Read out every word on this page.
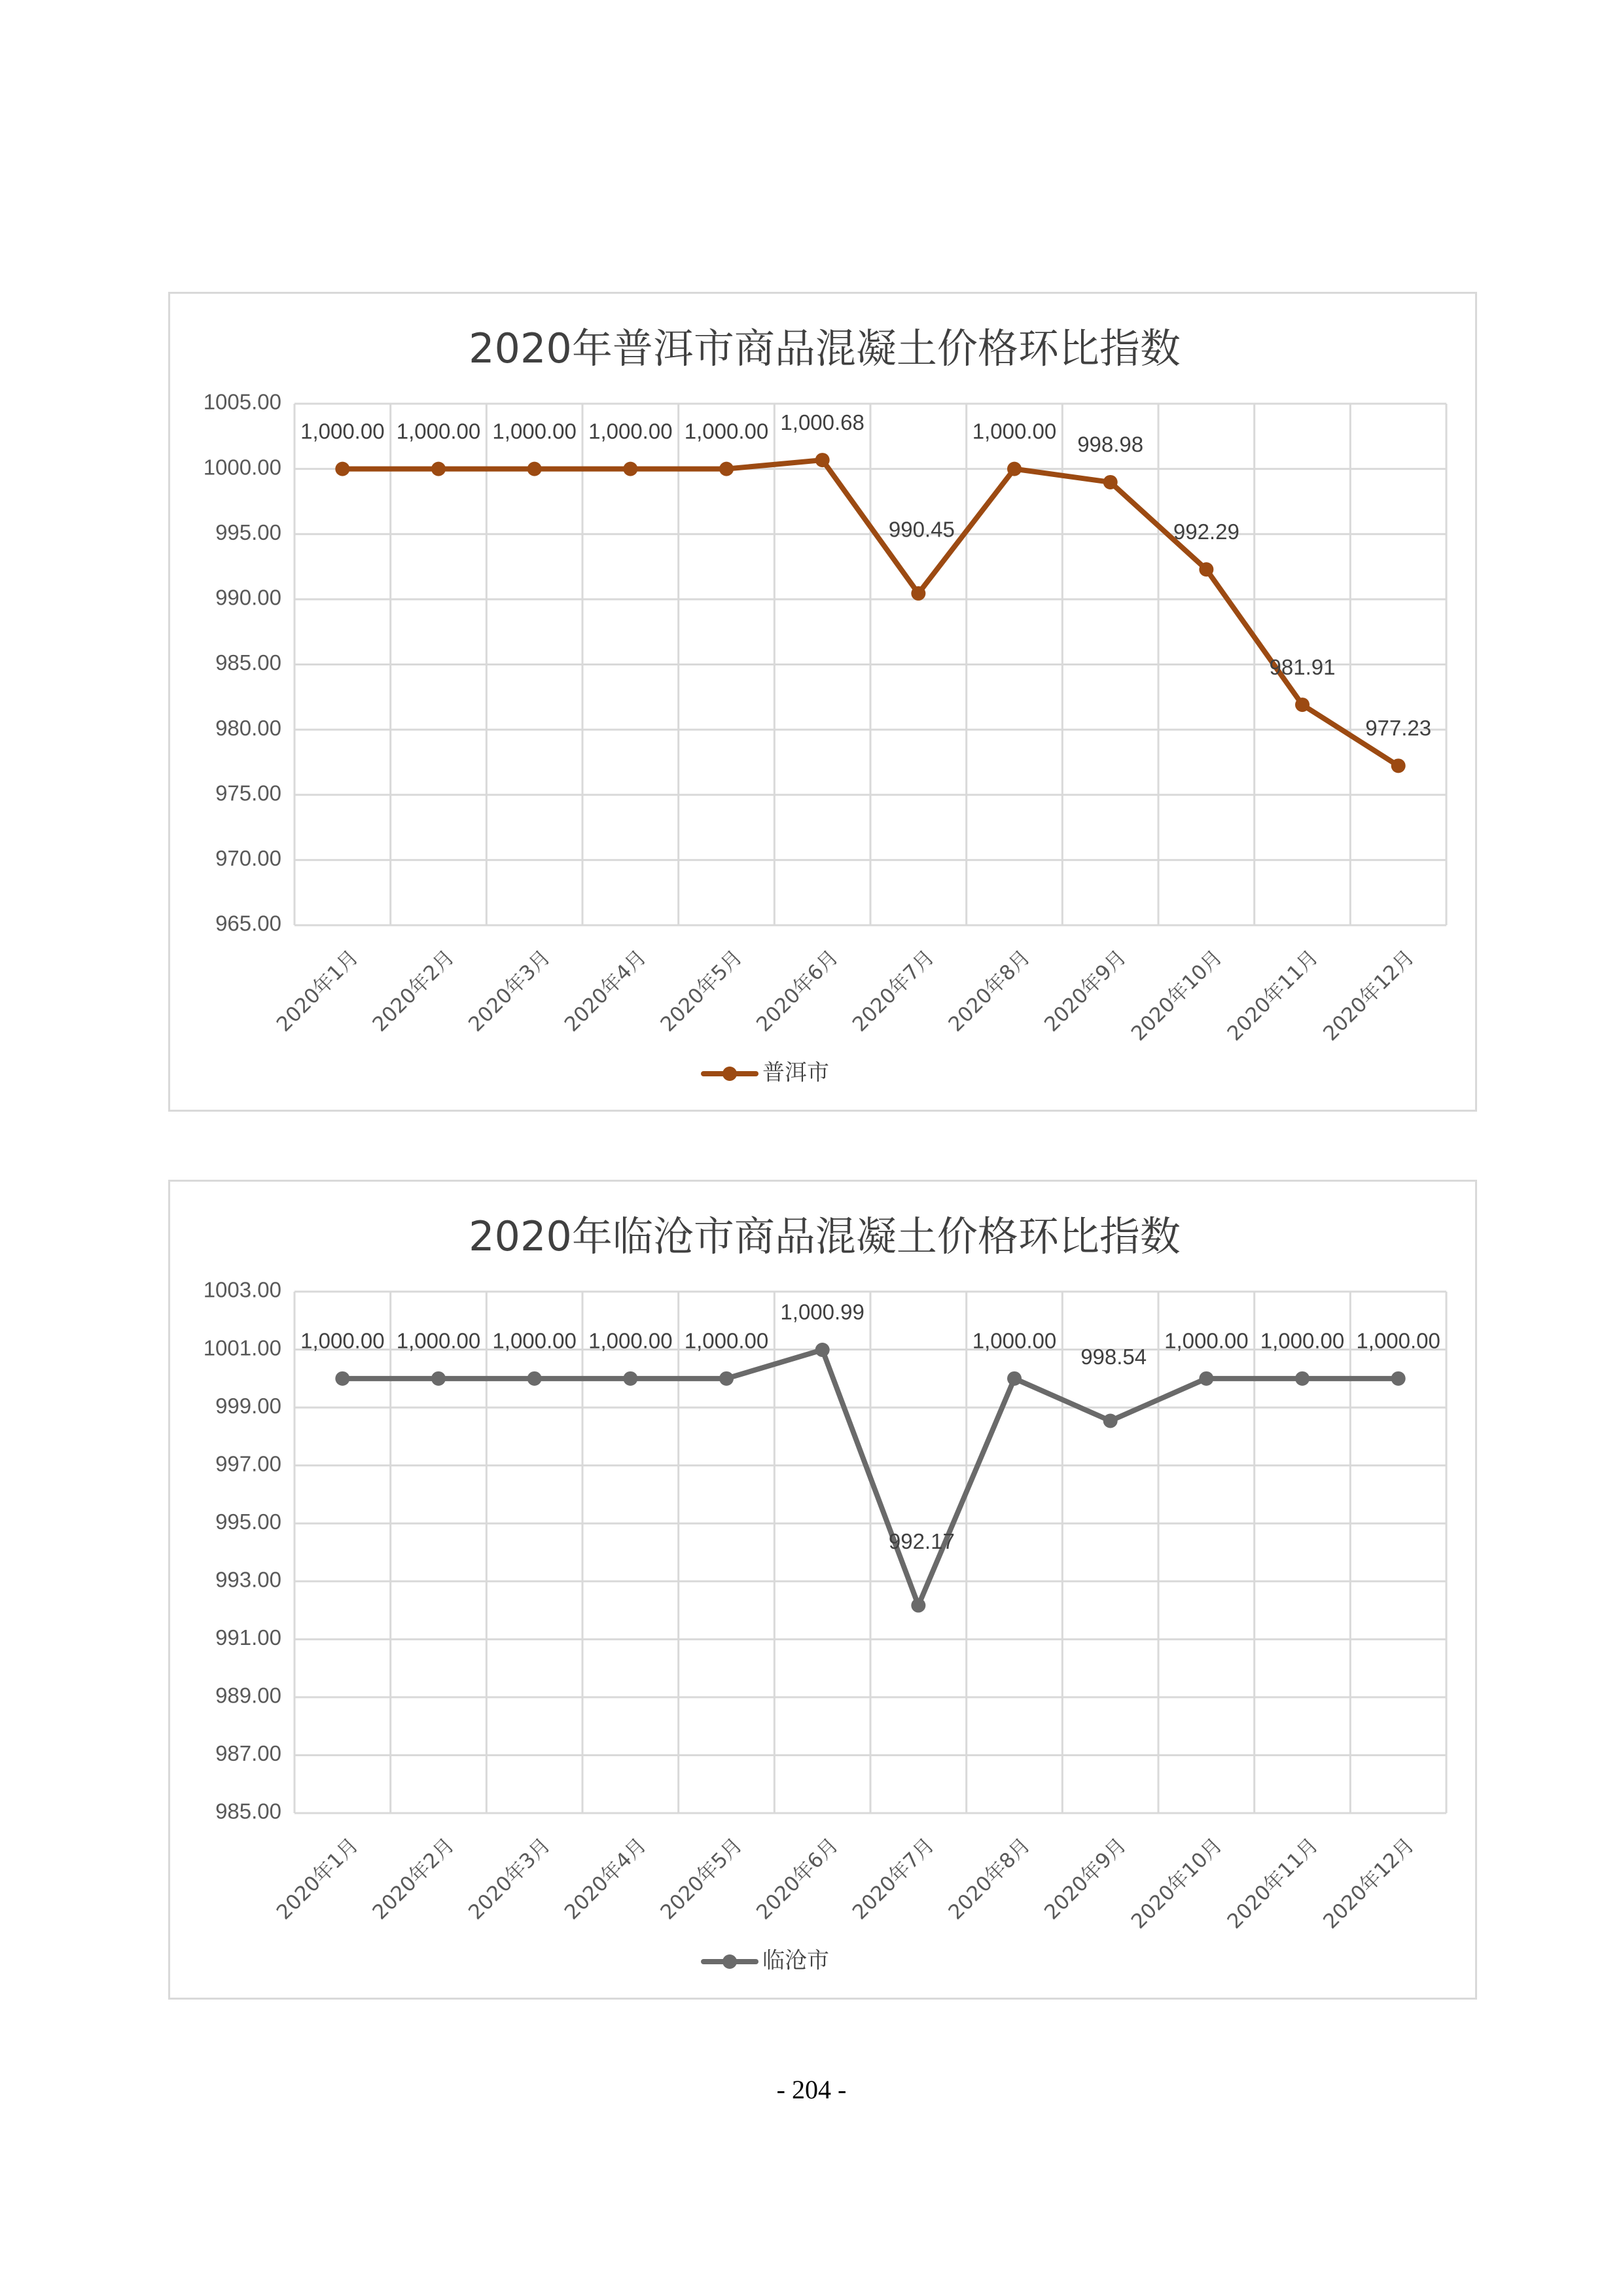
2020年普洱市商品混凝土价格环比指数
965.00
970.00
975.00
980.00
985.00
990.00
995.00
1000.00
1005.00
2020年1月 2020年2月 2020年3月 2020年4月 2020年5月 2020年6月 2020年7月 2020年8月 2020年9月
2020年10月
2020年11月
2020年12月
1,000.00 1,000.00 1,000.00 1,000.00 1,000.00 1,000.68
990.45
1,000.00
998.98
992.29
981.91
977.23
普洱市
2020年临沧市商品混凝土价格环比指数
985.00
987.00
989.00
991.00
993.00
995.00
997.00
999.00
1001.00
1003.00
2020年1月 2020年2月 2020年3月 2020年4月 2020年5月 2020年6月 2020年7月 2020年8月 2020年9月
2020年10月
2020年11月
2020年12月
1,000.00 1,000.00 1,000.00 1,000.00 1,000.00
1,000.99
992.17
1,000.00
998.54
1,000.00 1,000.00 1,000.00
临沧市
- 204 -
